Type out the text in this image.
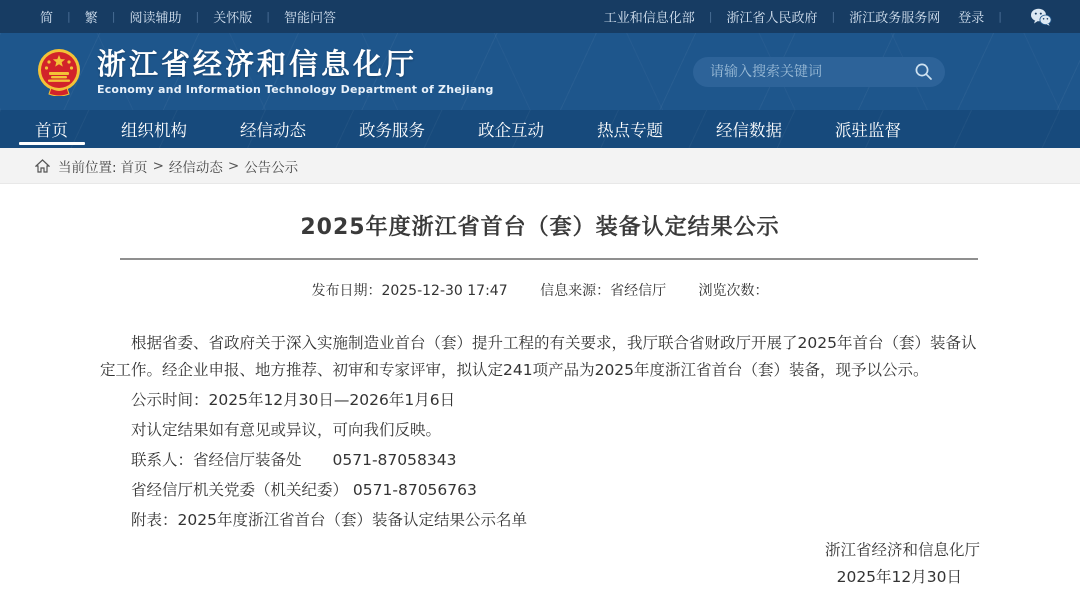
简 | 繁 | 阅读辅助 | 关怀版 | 智能问答	工业和信息化部 | 浙江省人民政府 | 浙江政务服务网 登录 |
浙江省经济和信息化厅
Economy and Information Technology Department of Zhejiang
请输入搜索关键词
首页	组织机构	经信动态	政务服务	政企互动	热点专题	经信数据	派驻监督
当前位置: 首页 > 经信动态 > 公告公示
2025年度浙江省首台（套）装备认定结果公示
发布日期：2025-12-30 17:47 信息来源：省经信厅 浏览次数：

根据省委、省政府关于深入实施制造业首台（套）提升工程的有关要求，我厅联合省财政厅开展了2025年首台（套）装备认定工作。经企业申报、地方推荐、初审和专家评审，拟认定241项产品为2025年度浙江省首台（套）装备，现予以公示。

公示时间：2025年12月30日—2026年1月6日

对认定结果如有意见或异议，可向我们反映。

联系人：省经信厅装备处　　0571-87058343

省经信厅机关党委（机关纪委） 0571-87056763

附表：2025年度浙江省首台（套）装备认定结果公示名单

浙江省经济和信息化厅
2025年12月30日
